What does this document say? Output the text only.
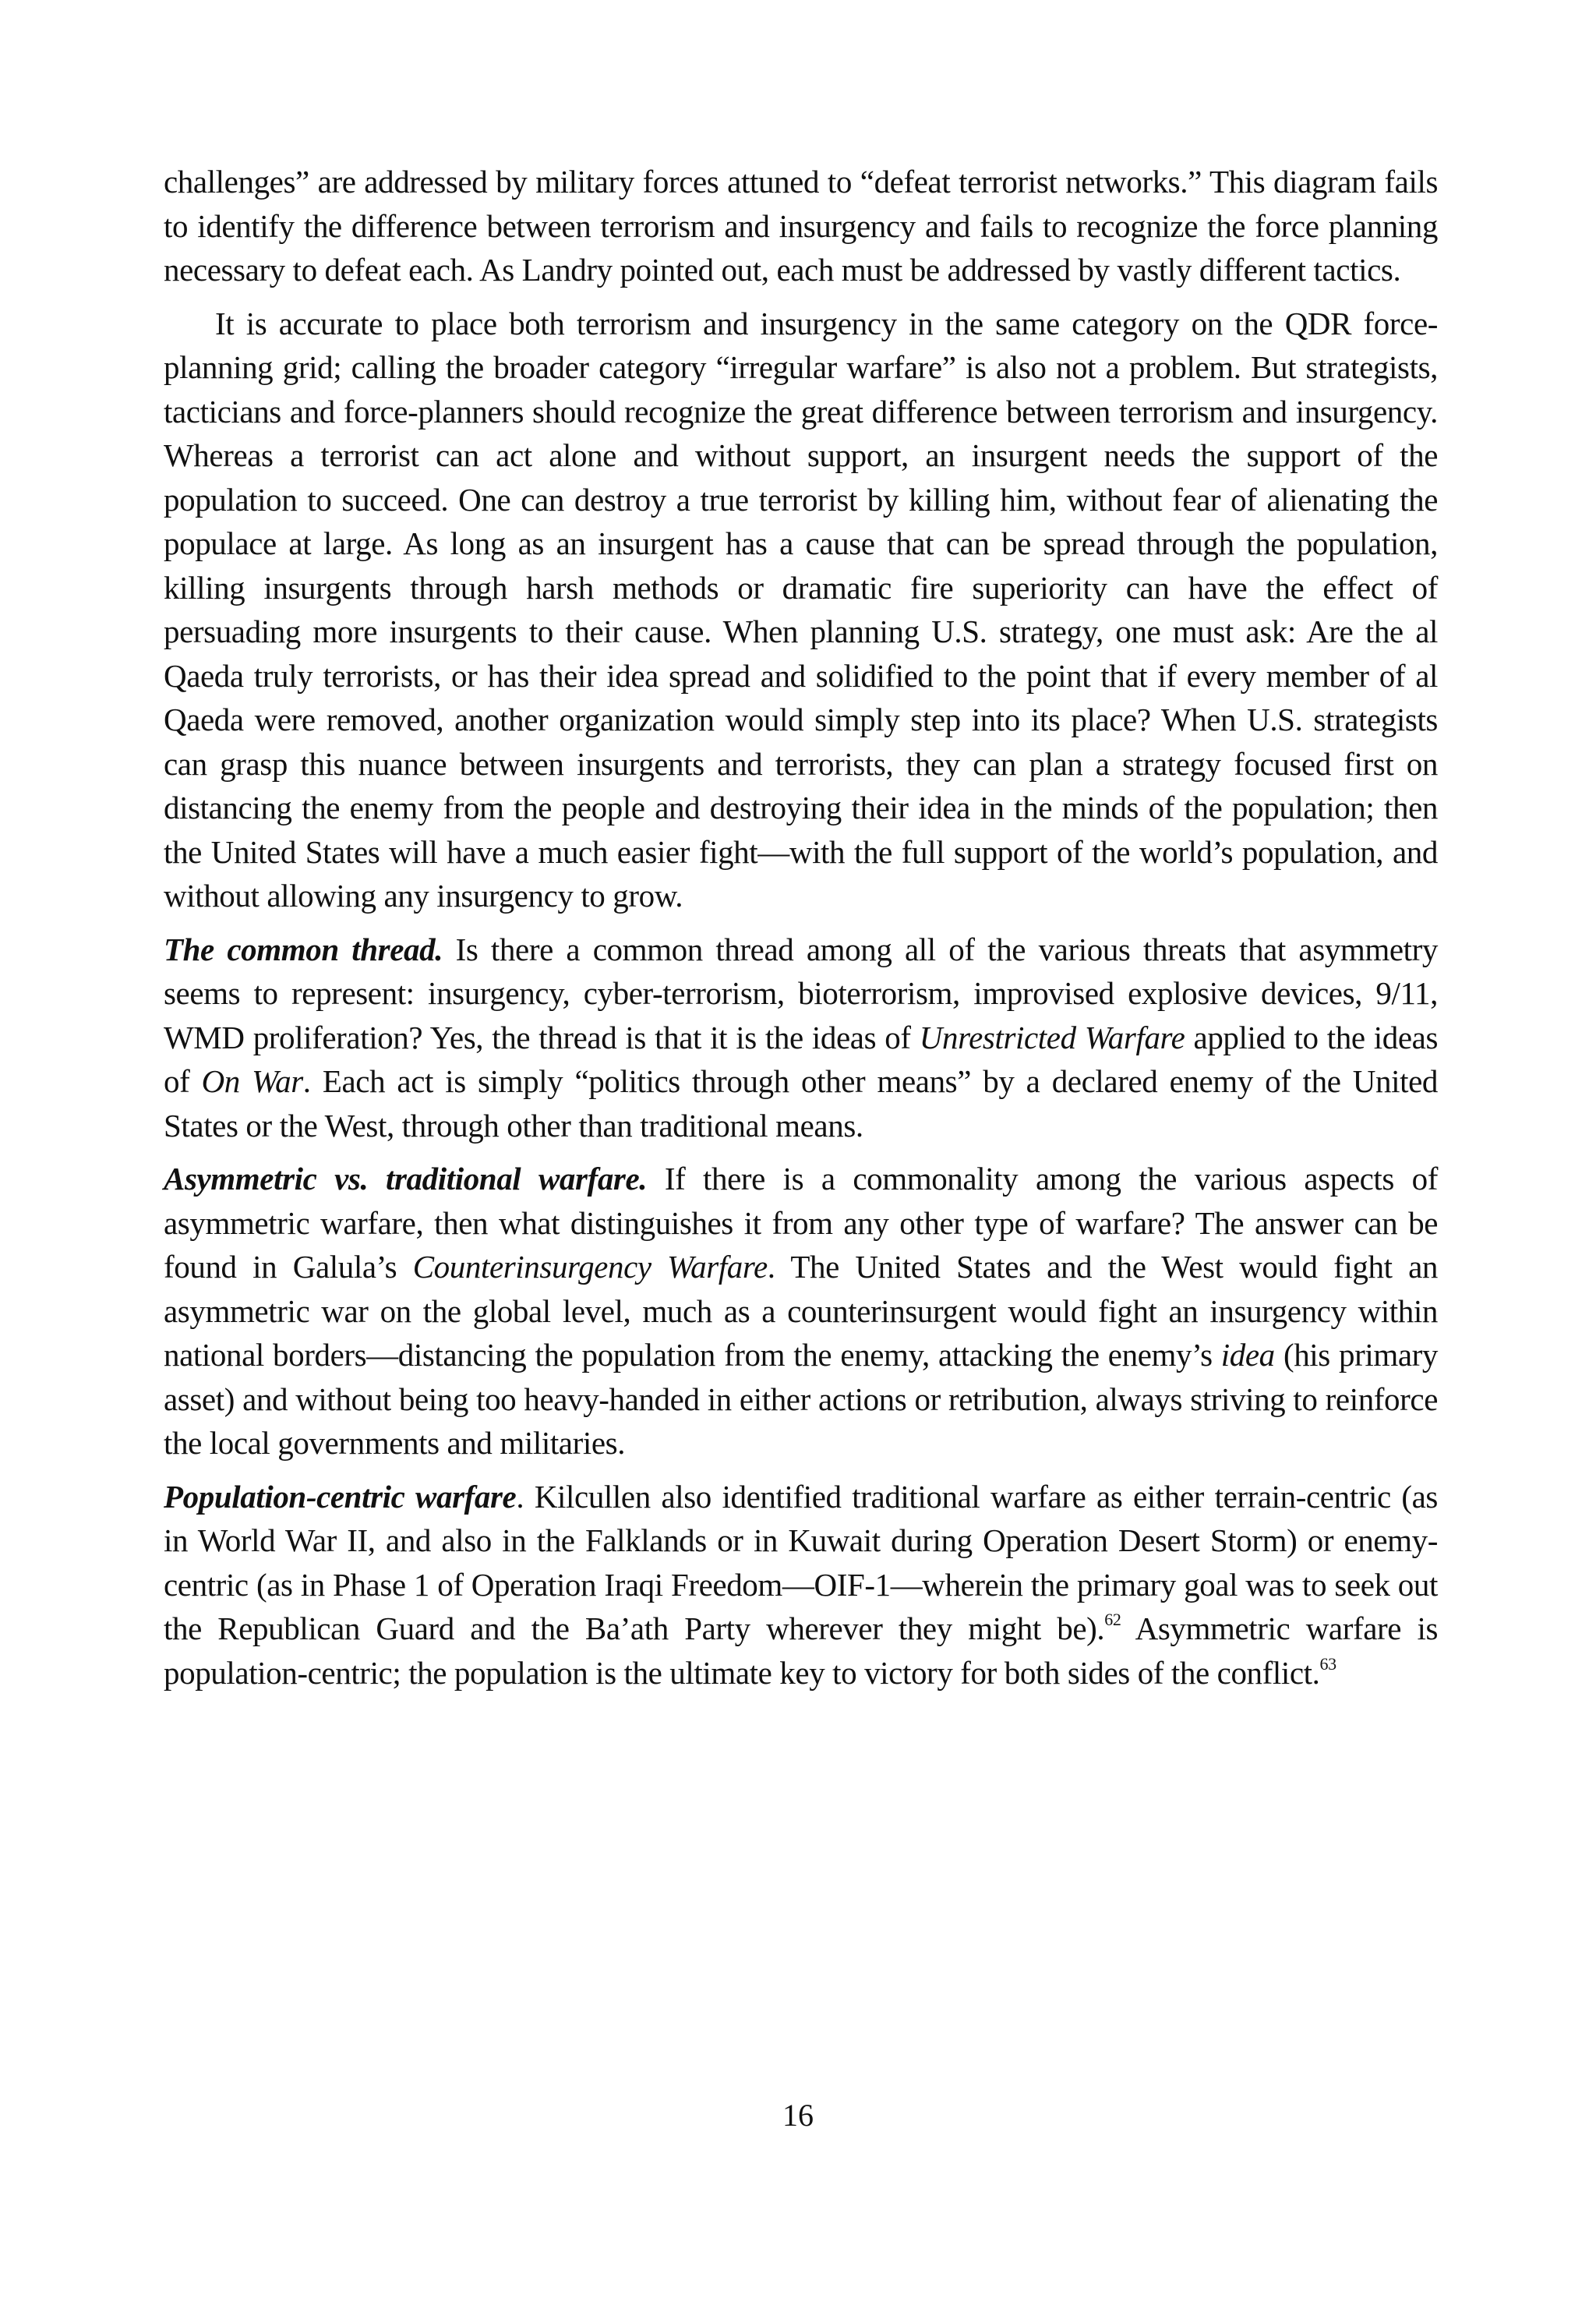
challenges” are addressed by military forces attuned to “defeat terrorist networks.” This diagram fails to identify the difference between terrorism and insurgency and fails to recognize the force planning necessary to defeat each. As Landry pointed out, each must be addressed by vastly different tactics.

It is accurate to place both terrorism and insurgency in the same category on the QDR force-planning grid; calling the broader category “irregular warfare” is also not a problem. But strategists, tacticians and force-planners should recognize the great difference between terrorism and insurgency. Whereas a terrorist can act alone and without support, an insurgent needs the support of the population to succeed. One can destroy a true terrorist by killing him, without fear of alienating the populace at large. As long as an insurgent has a cause that can be spread through the population, killing insurgents through harsh methods or dramatic fire superiority can have the effect of persuading more insurgents to their cause. When planning U.S. strategy, one must ask: Are the al Qaeda truly terrorists, or has their idea spread and solidified to the point that if every member of al Qaeda were removed, another organization would simply step into its place? When U.S. strategists can grasp this nuance between insurgents and terrorists, they can plan a strategy focused first on distancing the enemy from the people and destroying their idea in the minds of the population; then the United States will have a much easier fight—with the full support of the world’s population, and without allowing any insurgency to grow.

The common thread. Is there a common thread among all of the various threats that asymmetry seems to represent: insurgency, cyber-terrorism, bioterrorism, improvised explosive devices, 9/11, WMD proliferation? Yes, the thread is that it is the ideas of Unrestricted Warfare applied to the ideas of On War. Each act is simply “politics through other means” by a declared enemy of the United States or the West, through other than traditional means.

Asymmetric vs. traditional warfare. If there is a commonality among the various aspects of asymmetric warfare, then what distinguishes it from any other type of warfare? The answer can be found in Galula’s Counterinsurgency Warfare. The United States and the West would fight an asymmetric war on the global level, much as a counterinsurgent would fight an insurgency within national borders—distancing the population from the enemy, attacking the enemy’s idea (his primary asset) and without being too heavy-handed in either actions or retribution, always striving to reinforce the local governments and militaries.

Population-centric warfare. Kilcullen also identified traditional warfare as either terrain-centric (as in World War II, and also in the Falklands or in Kuwait during Operation Desert Storm) or enemy-centric (as in Phase 1 of Operation Iraqi Freedom—OIF-1—wherein the primary goal was to seek out the Republican Guard and the Ba’ath Party wherever they might be).$^{62}$ Asymmetric warfare is population-centric; the population is the ultimate key to victory for both sides of the conflict.$^{63}$

16
